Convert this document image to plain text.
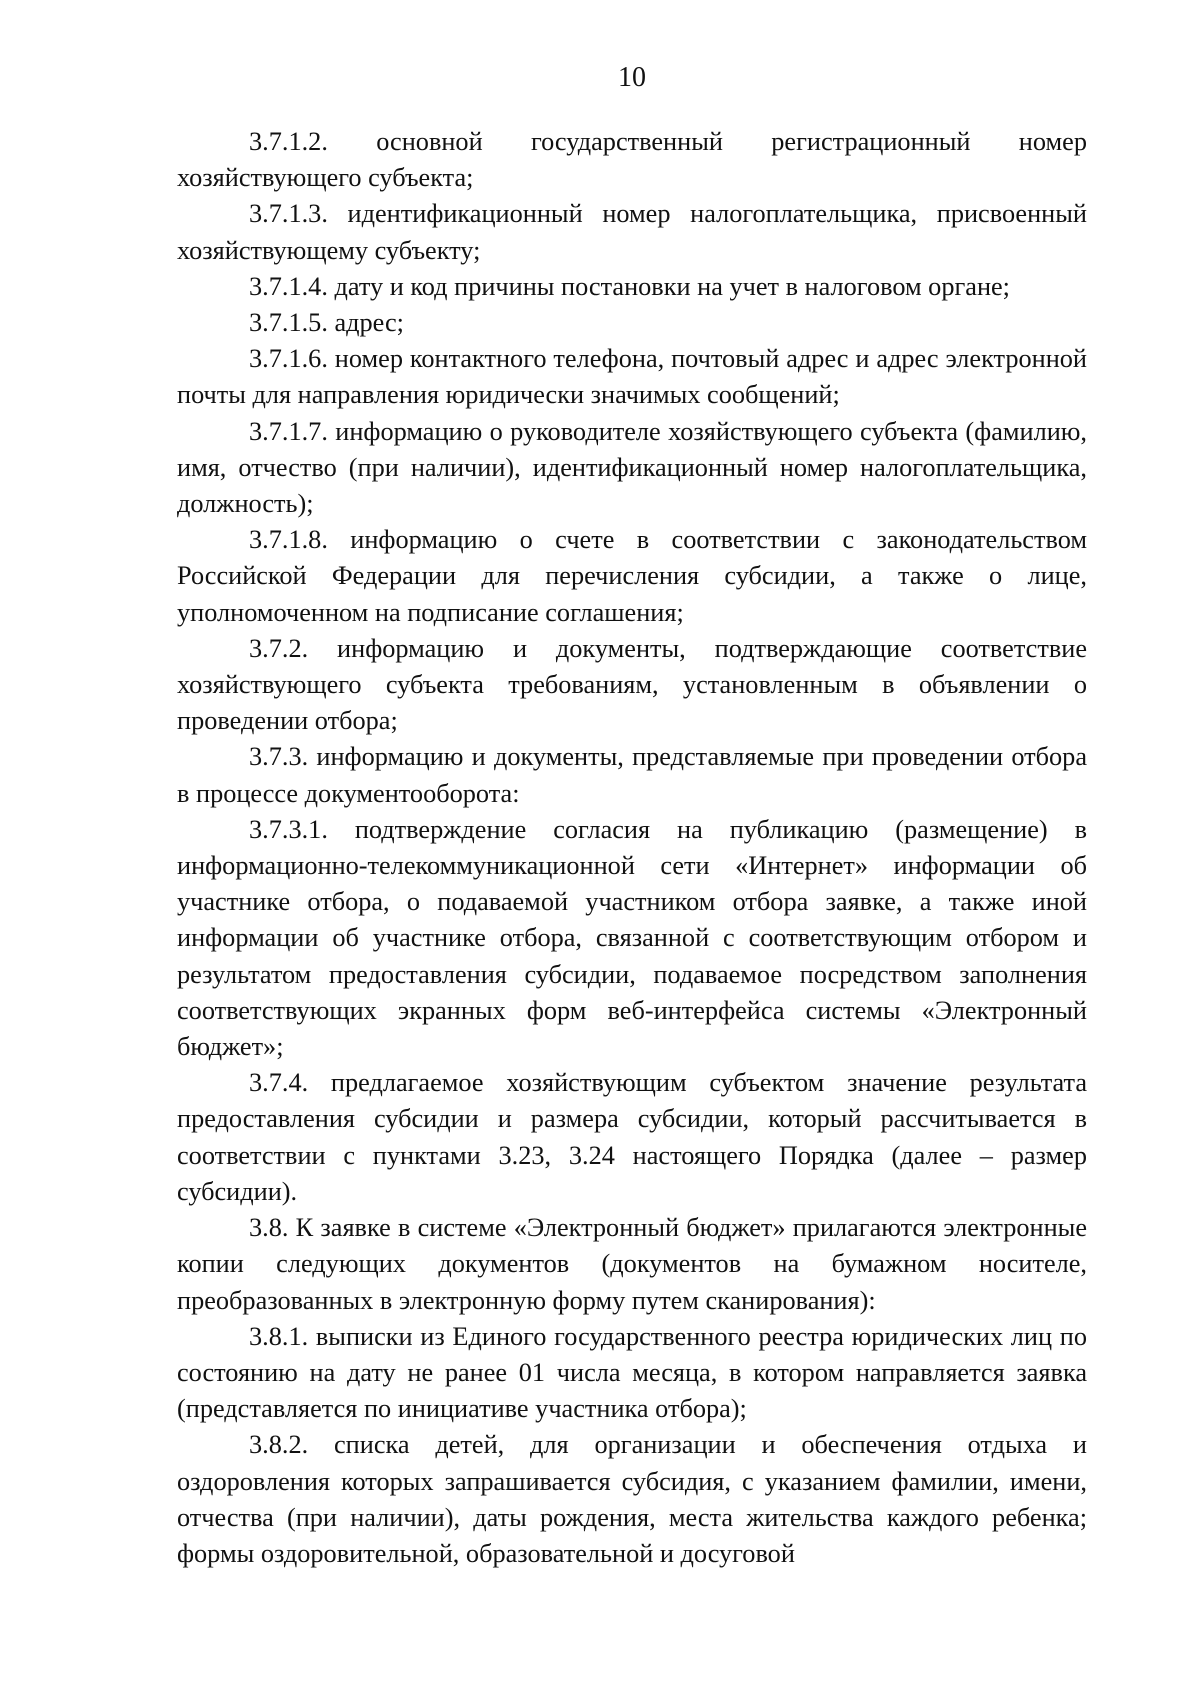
10

3.7.1.2. основной государственный регистрационный номер хозяйствующего субъекта;

3.7.1.3. идентификационный номер налогоплательщика, присвоенный хозяйствующему субъекту;

3.7.1.4. дату и код причины постановки на учет в налоговом органе;

3.7.1.5. адрес;

3.7.1.6. номер контактного телефона, почтовый адрес и адрес электронной почты для направления юридически значимых сообщений;

3.7.1.7. информацию о руководителе хозяйствующего субъекта (фамилию, имя, отчество (при наличии), идентификационный номер налогоплательщика, должность);

3.7.1.8. информацию о счете в соответствии с законодательством Российской Федерации для перечисления субсидии, а также о лице, уполномоченном на подписание соглашения;

3.7.2. информацию и документы, подтверждающие соответствие хозяйствующего субъекта требованиям, установленным в объявлении о проведении отбора;

3.7.3. информацию и документы, представляемые при проведении отбора в процессе документооборота:

3.7.3.1. подтверждение согласия на публикацию (размещение) в информационно-телекоммуникационной сети «Интернет» информации об участнике отбора, о подаваемой участником отбора заявке, а также иной информации об участнике отбора, связанной с соответствующим отбором и результатом предоставления субсидии, подаваемое посредством заполнения соответствующих экранных форм веб-интерфейса системы «Электронный бюджет»;

3.7.4. предлагаемое хозяйствующим субъектом значение результата предоставления субсидии и размера субсидии, который рассчитывается в соответствии с пунктами 3.23, 3.24 настоящего Порядка (далее – размер субсидии).

3.8. К заявке в системе «Электронный бюджет» прилагаются электронные копии следующих документов (документов на бумажном носителе, преобразованных в электронную форму путем сканирования):

3.8.1. выписки из Единого государственного реестра юридических лиц по состоянию на дату не ранее 01 числа месяца, в котором направляется заявка (представляется по инициативе участника отбора);

3.8.2. списка детей, для организации и обеспечения отдыха и оздоровления которых запрашивается субсидия, с указанием фамилии, имени, отчества (при наличии), даты рождения, места жительства каждого ребенка; формы оздоровительной, образовательной и досуговой
